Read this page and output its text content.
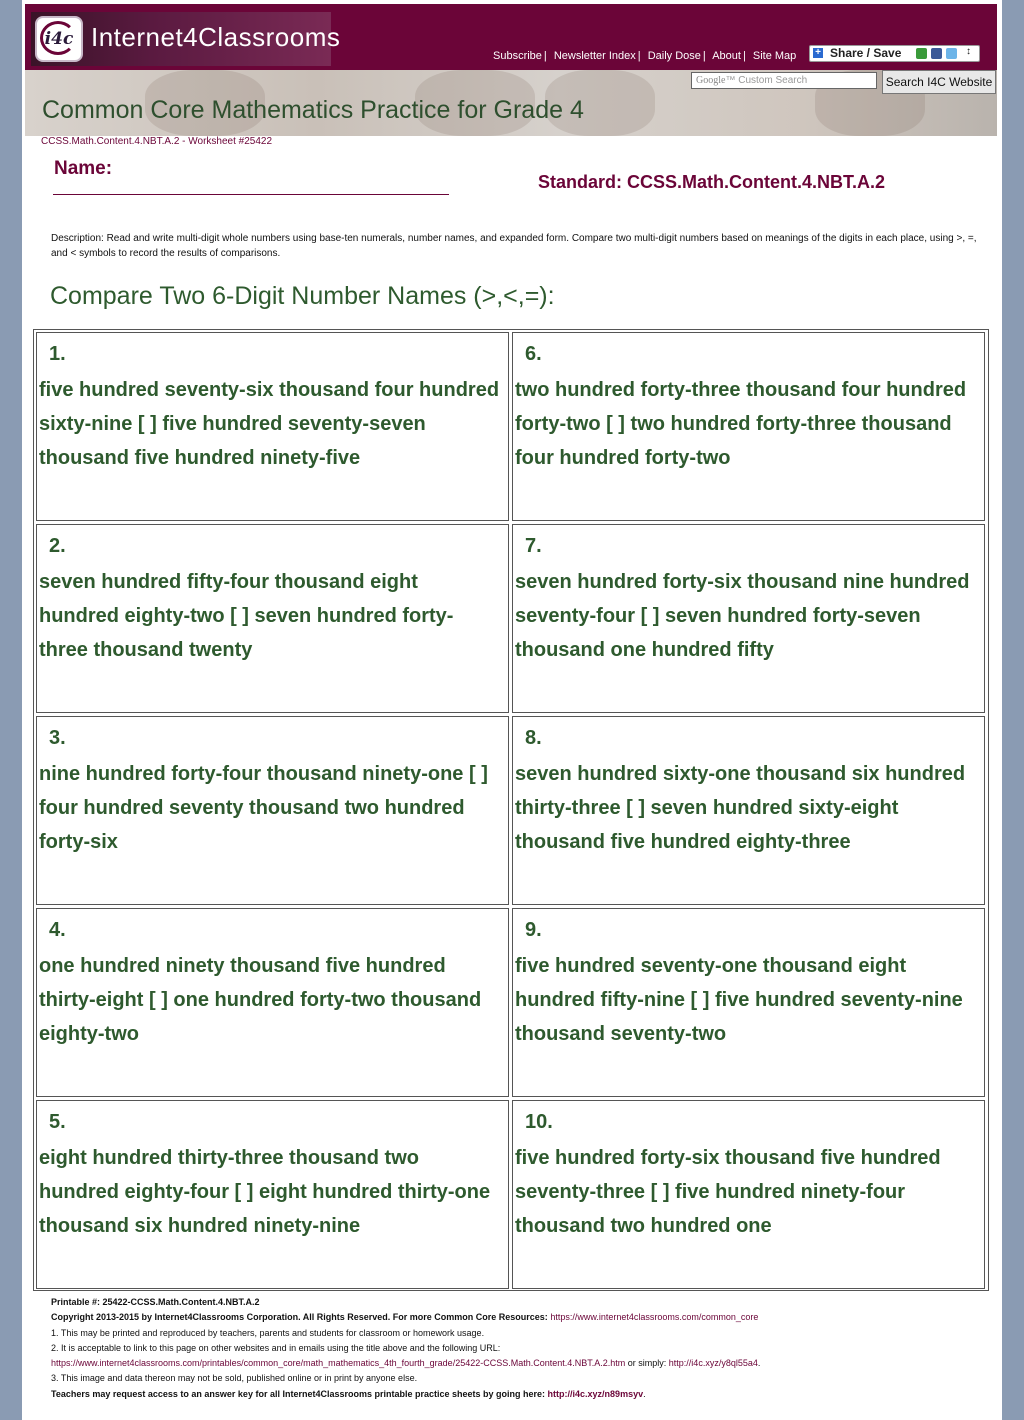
i4c Internet4Classrooms
Subscribe | Newsletter Index | Daily Dose | About | Site Map + Share / Save	↕
Common Core Mathematics Practice for Grade 4
Google™ Custom Search	Search I4C Website
CCSS.Math.Content.4.NBT.A.2 - Worksheet #25422
Name:
Standard: CCSS.Math.Content.4.NBT.A.2
Description: Read and write multi-digit whole numbers using base-ten numerals, number names, and expanded form. Compare two multi-digit numbers based on meanings of the digits in each place, using >, =, and < symbols to record the results of comparisons.
Compare Two 6-Digit Number Names (>,<,=):
1.
five hundred seventy-six thousand four hundred sixty-nine [ ] five hundred seventy-seven thousand five hundred ninety-five
6.
two hundred forty-three thousand four hundred forty-two [ ] two hundred forty-three thousand four hundred forty-two
2.
seven hundred fifty-four thousand eight hundred eighty-two [ ] seven hundred forty-three thousand twenty
7.
seven hundred forty-six thousand nine hundred seventy-four [ ] seven hundred forty-seven thousand one hundred fifty
3.
nine hundred forty-four thousand ninety-one [ ] four hundred seventy thousand two hundred forty-six
8.
seven hundred sixty-one thousand six hundred thirty-three [ ] seven hundred sixty-eight thousand five hundred eighty-three
4.
one hundred ninety thousand five hundred thirty-eight [ ] one hundred forty-two thousand eighty-two
9.
five hundred seventy-one thousand eight hundred fifty-nine [ ] five hundred seventy-nine thousand seventy-two
5.
eight hundred thirty-three thousand two hundred eighty-four [ ] eight hundred thirty-one thousand six hundred ninety-nine
10.
five hundred forty-six thousand five hundred seventy-three [ ] five hundred ninety-four thousand two hundred one
Printable #: 25422-CCSS.Math.Content.4.NBT.A.2
Copyright 2013-2015 by Internet4Classrooms Corporation. All Rights Reserved. For more Common Core Resources: https://www.internet4classrooms.com/common_core
1. This may be printed and reproduced by teachers, parents and students for classroom or homework usage.
2. It is acceptable to link to this page on other websites and in emails using the title above and the following URL:
https://www.internet4classrooms.com/printables/common_core/math_mathematics_4th_fourth_grade/25422-CCSS.Math.Content.4.NBT.A.2.htm or simply: http://i4c.xyz/y8ql55a4.
3. This image and data thereon may not be sold, published online or in print by anyone else.
Teachers may request access to an answer key for all Internet4Classrooms printable practice sheets by going here: http://i4c.xyz/n89msyv.
